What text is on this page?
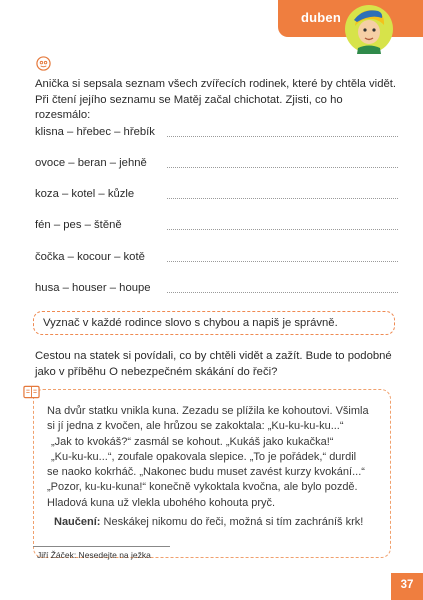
duben
Anička si sepsala seznam všech zvířecích rodinek, které by chtěla vidět. Při čtení jejího seznamu se Matěj začal chichotat. Zjisti, co ho rozesmálo:
klisna – hřebec – hřebík
ovoce – beran – jehně
koza – kotel – kůzle
fén – pes – štěně
čočka – kocour – kotě
husa – houser – houpe
Vyznač v každé rodince slovo s chybou a napiš je správně.
Cestou na statek si povídali, co by chtěli vidět a zažít. Bude to podobné jako v příběhu O nebezpečném skákání do řeči?

Na dvůr statku vnikla kuna. Zezadu se plížila ke kohoutovi. Všimla

si jí jedna z kvočen, ale hrůzou se zakoktala: „Ku-ku-ku-ku...“

„Jak to kvokáš?“ zasmál se kohout. „Kukáš jako kukačka!“

„Ku-ku-ku...“, zoufale opakovala slepice. „To je pořádek,“ durdil

se naoko kokrháč. „Nakonec budu muset zavést kurzy kvokání...“

„Pozor, ku-ku-kuna!“ konečně vykoktala kvočna, ale bylo pozdě.

Hladová kuna už vlekla ubohého kohouta pryč.

Naučení: Neskákej nikomu do řeči, možná si tím zachráníš krk!
Jiří Žáček: Nesedejte na ježka
37
